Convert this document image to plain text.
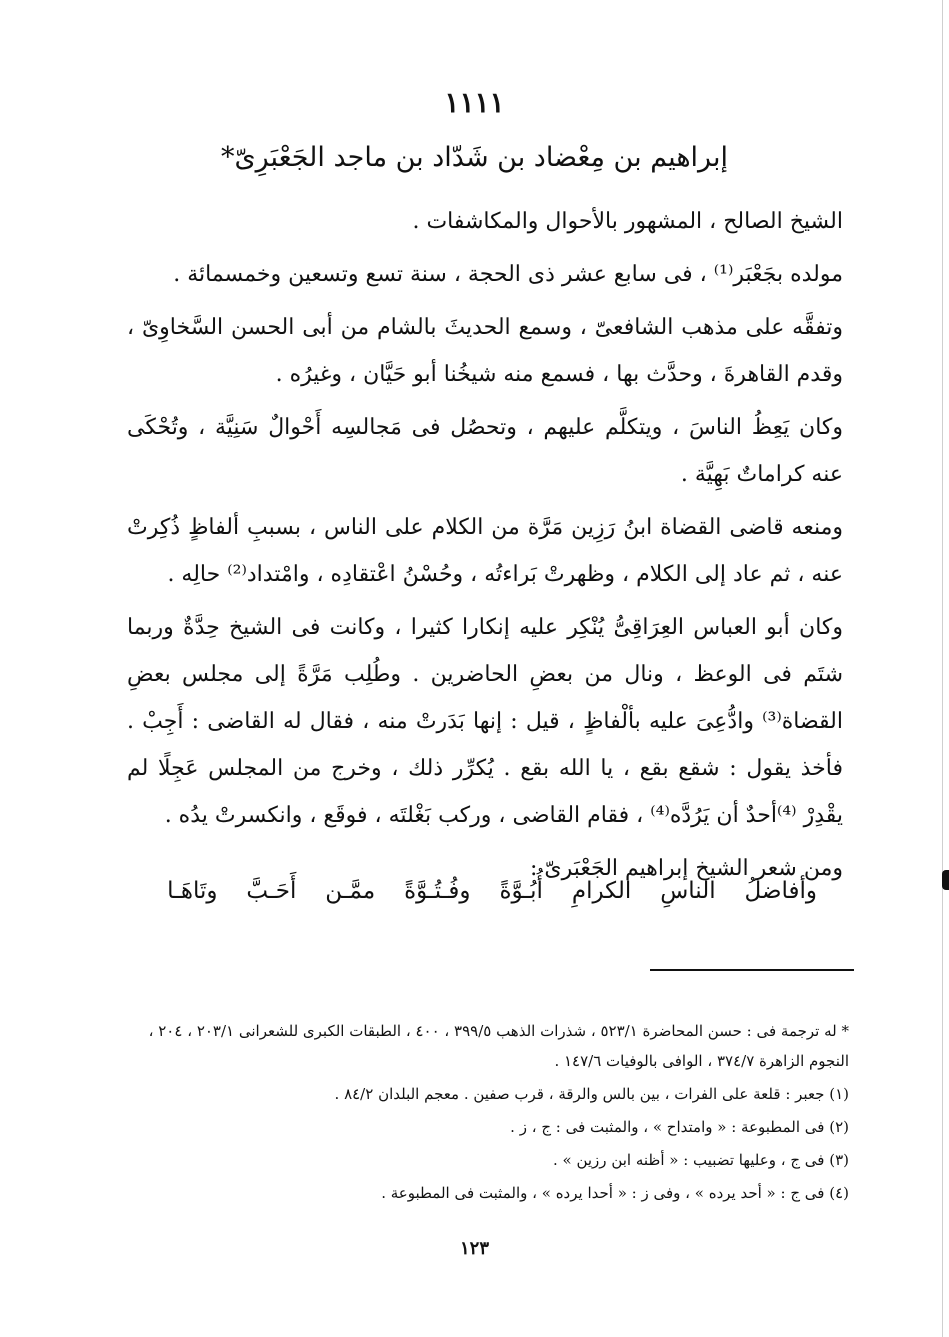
١١١١
إبراهيم بن مِعْضاد بن شَدّاد بن ماجد الجَعْبَرِىّ*

الشيخ الصالح ، المشهور بالأحوال والمكاشفات .

مولده بجَعْبَر⁽¹⁾ ، فى سابع عشر ذى الحجة ، سنة تسع وتسعين وخمسمائة .

وتفقَّه على مذهب الشافعىّ ، وسمع الحديثَ بالشام من أبى الحسن السَّخاوِىّ ، وقدم القاهرةَ ، وحدَّث بها ، فسمع منه شيخُنا أبو حَيَّان ، وغيرُه .

وكان يَعِظُ الناسَ ، ويتكلَّم عليهم ، وتحصُل فى مَجالسِه أَحْوالٌ سَنِيَّة ، وتُحْكَى عنه كراماتٌ بَهِيَّة .

ومنعه قاضى القضاة ابنُ رَزِين مَرَّة من الكلام على الناس ، بسببِ ألفاظٍ ذُكِرتْ عنه ، ثم عاد إلى الكلام ، وظهرتْ بَراءتُه ، وحُسْنُ اعْتقادِه ، وامْتداد⁽²⁾ حالِه .

وكان أبو العباس العِرَاقِىُّ يُنْكِر عليه إنكارا كثيرا ، وكانت فى الشيخ حِدَّةٌ وربما شتَم فى الوعظ ، ونال من بعضِ الحاضرين . وطُلِب مَرَّةً إلى مجلس بعضِ القضاة⁽³⁾ وادُّعِىَ عليه بألْفاظٍ ، قيل : إنها بَدَرتْ منه ، فقال له القاضى : أَجِبْ . فأخذ يقول : شقع بقع ، يا الله بقع . يُكرِّر ذلك ، وخرج من المجلس عَجِلًا لم يقْدِرْ ⁽⁴⁾أحدٌ أن يَرُدَّه⁽⁴⁾ ، فقام القاضى ، وركب بَغْلتَه ، فوقَع ، وانكسرتْ يدُه .

ومن شعر الشيخ إبراهيم الجَعْبَرىّ :

وأفاضلُ
الناسِ
الكرامِ
أُبُـوَّةً
وفُـتُـوَّةً
ممَّـن
أَحَـبَّ
وتَاهَـا

* له ترجمة فى : حسن المحاضرة ٥٢٣/١ ، شذرات الذهب ٣٩٩/٥ ، ٤٠٠ ، الطبقات الكبرى للشعرانى ٢٠٣/١ ، ٢٠٤ ، النجوم الزاهرة ٣٧٤/٧ ، الوافى بالوفيات ١٤٧/٦ .

(١) جعبر : قلعة على الفرات ، بين بالس والرقة ، قرب صفين . معجم البلدان ٨٤/٢ .

(٢) فى المطبوعة : « وامتداح » ، والمثبت فى : ج ، ز .

(٣) فى ج ، وعليها تضبيب : « أظنه ابن رزين » .

(٤) فى ج : « أحد يرده » ، وفى ز : « أحدا يرده » ، والمثبت فى المطبوعة .

١٢٣
